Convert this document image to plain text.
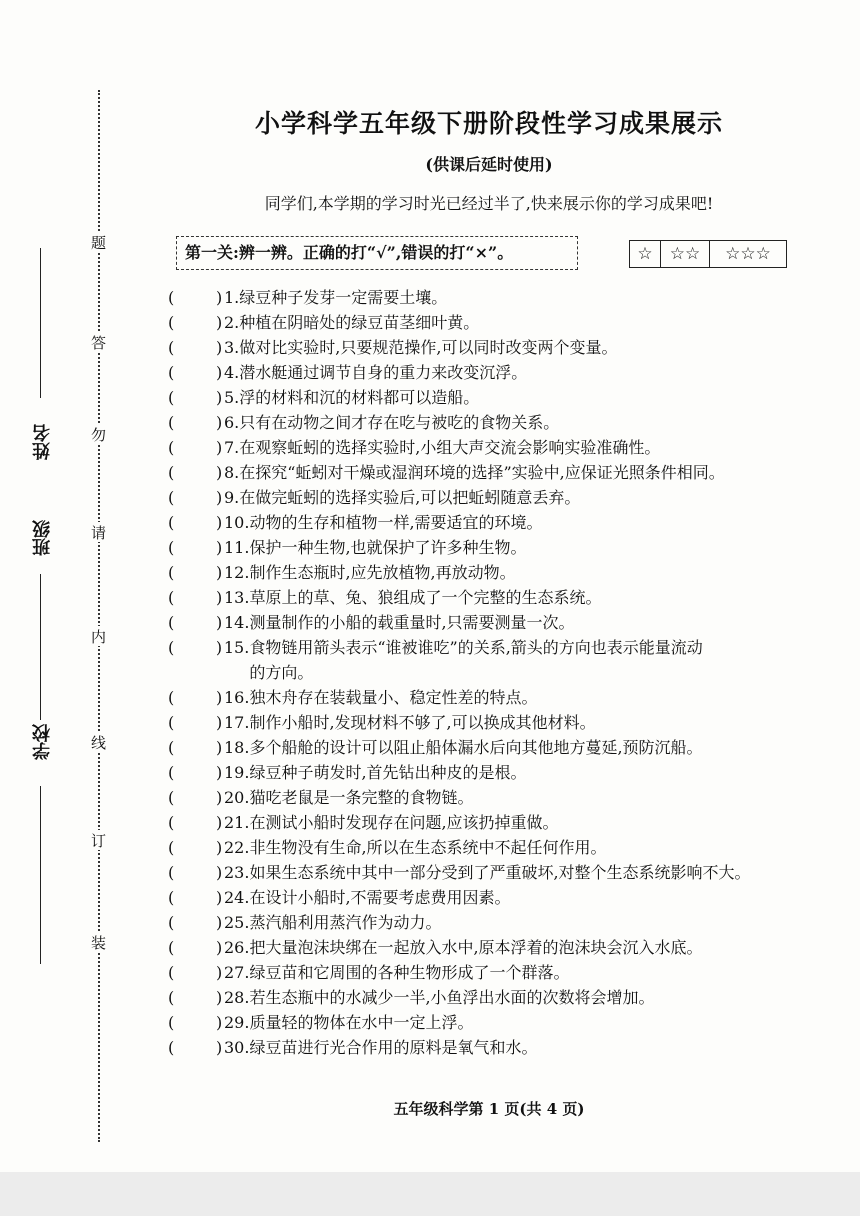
题
答
勿
请
内
线
订
装
姓名
班级
学校
小学科学五年级下册阶段性学习成果展示
(供课后延时使用)
同学们,本学期的学习时光已经过半了,快来展示你的学习成果吧!
第一关:辨一辨。正确的打“√”,错误的打“×”。	☆	☆☆	☆☆☆
(	) 1. 绿豆种子发芽一定需要土壤。
(	) 2. 种植在阴暗处的绿豆苗茎细叶黄。
(	) 3. 做对比实验时,只要规范操作,可以同时改变两个变量。
(	) 4. 潜水艇通过调节自身的重力来改变沉浮。
(	) 5. 浮的材料和沉的材料都可以造船。
(	) 6. 只有在动物之间才存在吃与被吃的食物关系。
(	) 7. 在观察蚯蚓的选择实验时,小组大声交流会影响实验准确性。
(	) 8. 在探究“蚯蚓对干燥或湿润环境的选择”实验中,应保证光照条件相同。
(	) 9. 在做完蚯蚓的选择实验后,可以把蚯蚓随意丢弃。
(	) 10. 动物的生存和植物一样,需要适宜的环境。
(	) 11. 保护一种生物,也就保护了许多种生物。
(	) 12. 制作生态瓶时,应先放植物,再放动物。
(	) 13. 草原上的草、兔、狼组成了一个完整的生态系统。
(	) 14. 测量制作的小船的载重量时,只需要测量一次。
(	) 15. 食物链用箭头表示“谁被谁吃”的关系,箭头的方向也表示能量流动
的方向。
(	) 16. 独木舟存在装载量小、稳定性差的特点。
(	) 17. 制作小船时,发现材料不够了,可以换成其他材料。
(	) 18. 多个船舱的设计可以阻止船体漏水后向其他地方蔓延,预防沉船。
(	) 19. 绿豆种子萌发时,首先钻出种皮的是根。
(	) 20. 猫吃老鼠是一条完整的食物链。
(	) 21. 在测试小船时发现存在问题,应该扔掉重做。
(	) 22. 非生物没有生命,所以在生态系统中不起任何作用。
(	) 23. 如果生态系统中其中一部分受到了严重破坏,对整个生态系统影响不大。
(	) 24. 在设计小船时,不需要考虑费用因素。
(	) 25. 蒸汽船利用蒸汽作为动力。
(	) 26. 把大量泡沫块绑在一起放入水中,原本浮着的泡沫块会沉入水底。
(	) 27. 绿豆苗和它周围的各种生物形成了一个群落。
(	) 28. 若生态瓶中的水减少一半,小鱼浮出水面的次数将会增加。
(	) 29. 质量轻的物体在水中一定上浮。
(	) 30. 绿豆苗进行光合作用的原料是氧气和水。
五年级科学第 1 页(共 4 页)
